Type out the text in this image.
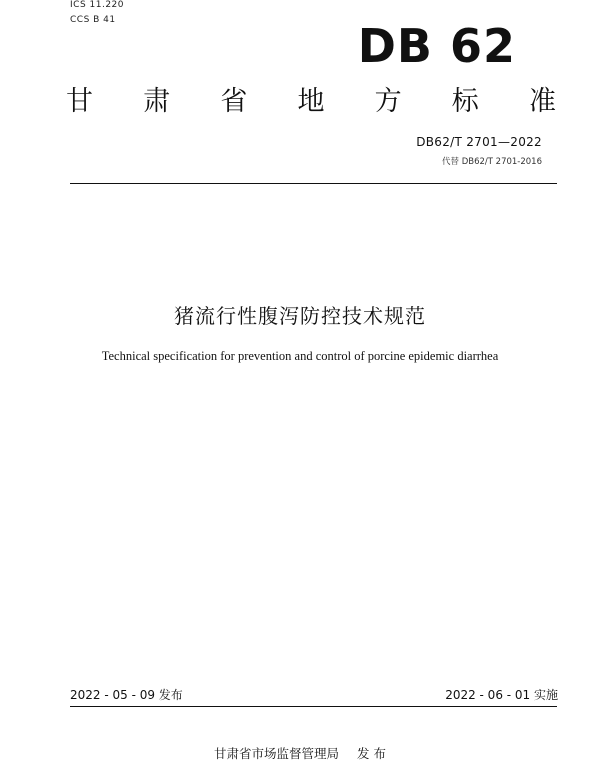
ICS 11.220
CCS B 41	DB 62
甘 肃 省 地 方 标 准
DB62/T 2701—2022
代替 DB62/T 2701-2016
猪流行性腹泻防控技术规范
Technical specification for prevention and control of porcine epidemic diarrhea
2022 - 05 - 09 发布	2022 - 06 - 01 实施
甘肃省市场监督管理局 发 布
